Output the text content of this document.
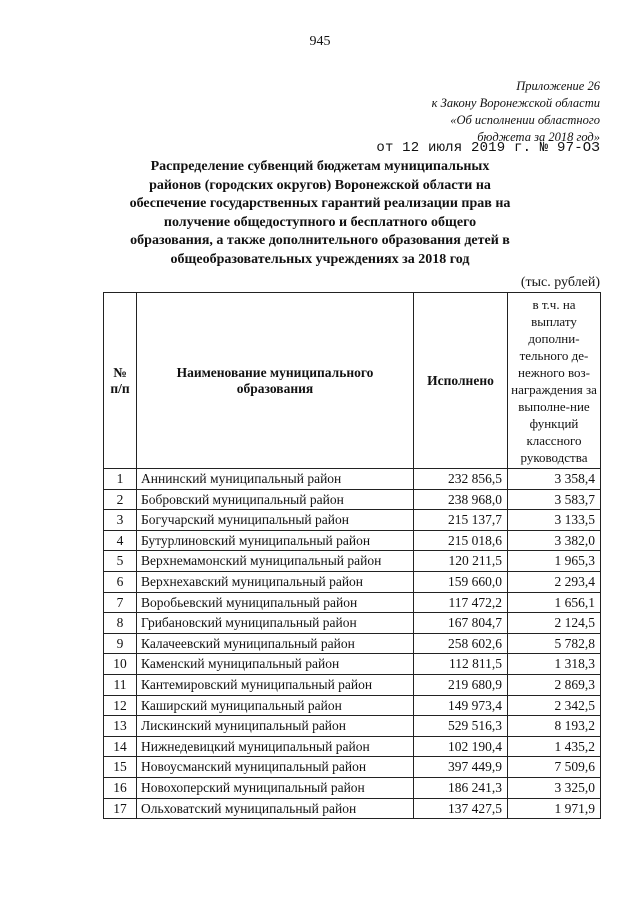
945
Приложение 26
к Закону Воронежской области
«Об исполнении областного
бюджета за 2018 год»
от 12 июля 2019 г. № 97-ОЗ
Распределение субвенций бюджетам муниципальных районов (городских округов) Воронежской области на обеспечение государственных гарантий реализации прав на получение общедоступного и бесплатного общего образования, а также дополнительного образования детей в общеобразовательных учреждениях за 2018 год
(тыс. рублей)
№ п/п	Наименование муниципального образования	Исполнено	в т.ч. на выплату дополни-тельного де-нежного воз-награждения за выполне-ние функций классного руководства
1	Аннинский муниципальный район	232 856,5	3 358,4
2	Бобровский муниципальный район	238 968,0	3 583,7
3	Богучарский муниципальный район	215 137,7	3 133,5
4	Бутурлиновский муниципальный район	215 018,6	3 382,0
5	Верхнемамонский муниципальный район	120 211,5	1 965,3
6	Верхнехавский муниципальный район	159 660,0	2 293,4
7	Воробьевский муниципальный район	117 472,2	1 656,1
8	Грибановский муниципальный район	167 804,7	2 124,5
9	Калачеевский муниципальный район	258 602,6	5 782,8
10	Каменский муниципальный район	112 811,5	1 318,3
11	Кантемировский муниципальный район	219 680,9	2 869,3
12	Каширский муниципальный район	149 973,4	2 342,5
13	Лискинский муниципальный район	529 516,3	8 193,2
14	Нижнедевицкий муниципальный район	102 190,4	1 435,2
15	Новоусманский муниципальный район	397 449,9	7 509,6
16	Новохоперский муниципальный район	186 241,3	3 325,0
17	Ольховатский муниципальный район	137 427,5	1 971,9
